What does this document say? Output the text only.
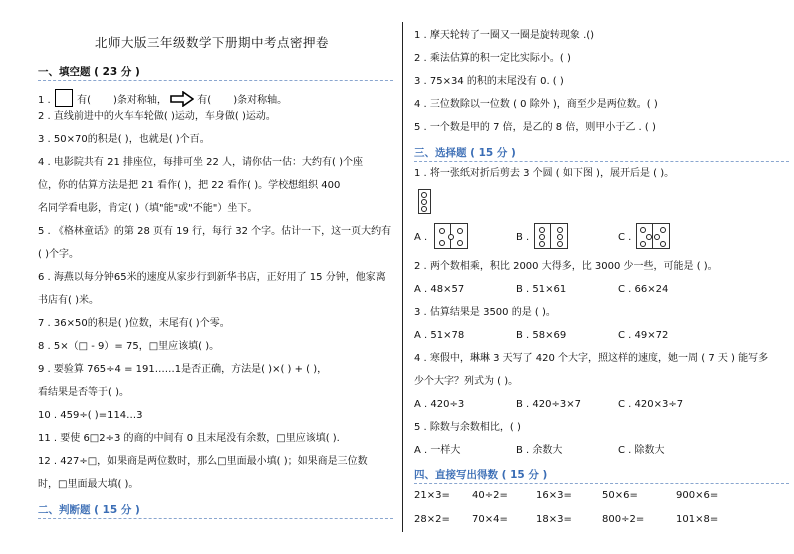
北师大版三年级数学下册期中考点密押卷
一、填空题 ( 23 分 )
1 .	有( )条对称轴，	有( )条对称轴。
2 . 直线前进中的火车车轮做( )运动，车身做( )运动。
3 . 50×70的积是( )，也就是( )个百。
4 . 电影院共有 21 排座位，每排可坐 22 人，请你估一估：大约有( )个座
位，你的估算方法是把 21 看作( )，把 22 看作( )。学校想组织 400
名同学看电影，肯定( )（填"能"或"不能"）坐下。
5 . 《格林童话》的第 28 页有 19 行，每行 32 个字。估计一下，这一页大约有
( )个字。
6 . 海燕以每分钟65米的速度从家步行到新华书店，正好用了 15 分钟，他家离
书店有( )米。
7 . 36×50的积是( )位数，末尾有( )个零。
8 . 5×（□ - 9）= 75，□里应该填( )。
9 . 要验算 765÷4 = 191……1是否正确，方法是( )×( ) + ( )，
看结果是否等于( )。
10 . 459÷( )=114…3
11 . 要使 6□2÷3 的商的中间有 0 且末尾没有余数，□里应该填( ).
12 . 427÷□，如果商是两位数时，那么□里面最小填( )；如果商是三位数
时，□里面最大填( )。
二、判断题 ( 15 分 )
1 . 摩天轮转了一圈又一圈是旋转现象 .()
2 . 乘法估算的积一定比实际小。( )
3 . 75×34 的积的末尾没有 0. ( )
4 . 三位数除以一位数 ( 0 除外 )，商至少是两位数。( )
5 . 一个数是甲的 7 倍，是乙的 8 倍，则甲小于乙 . ( )
三、选择题 ( 15 分 )
1 . 将一张纸对折后剪去 3 个圆 ( 如下图 )，展开后是 ( )。
A .	B .	C .
2 . 两个数相乘，积比 2000 大得多，比 3000 少一些，可能是 ( )。
A . 48×57	B . 51×61	C . 66×24
3 . 估算结果是 3500 的是 ( )。
A . 51×78	B . 58×69	C . 49×72
4 . 寒假中，琳琳 3 天写了 420 个大字，照这样的速度，她一周 ( 7 天 ) 能写多
少个大字？列式为 ( )。
A . 420÷3	B . 420÷3×7	C . 420×3÷7
5 . 除数与余数相比，( )
A . 一样大	B . 余数大	C . 除数大
四、直接写出得数 ( 15 分 )
21×3= 40÷2=	16×3=	50×6=	900×6=
28×2= 70×4=	18×3=	800÷2=	101×8=
